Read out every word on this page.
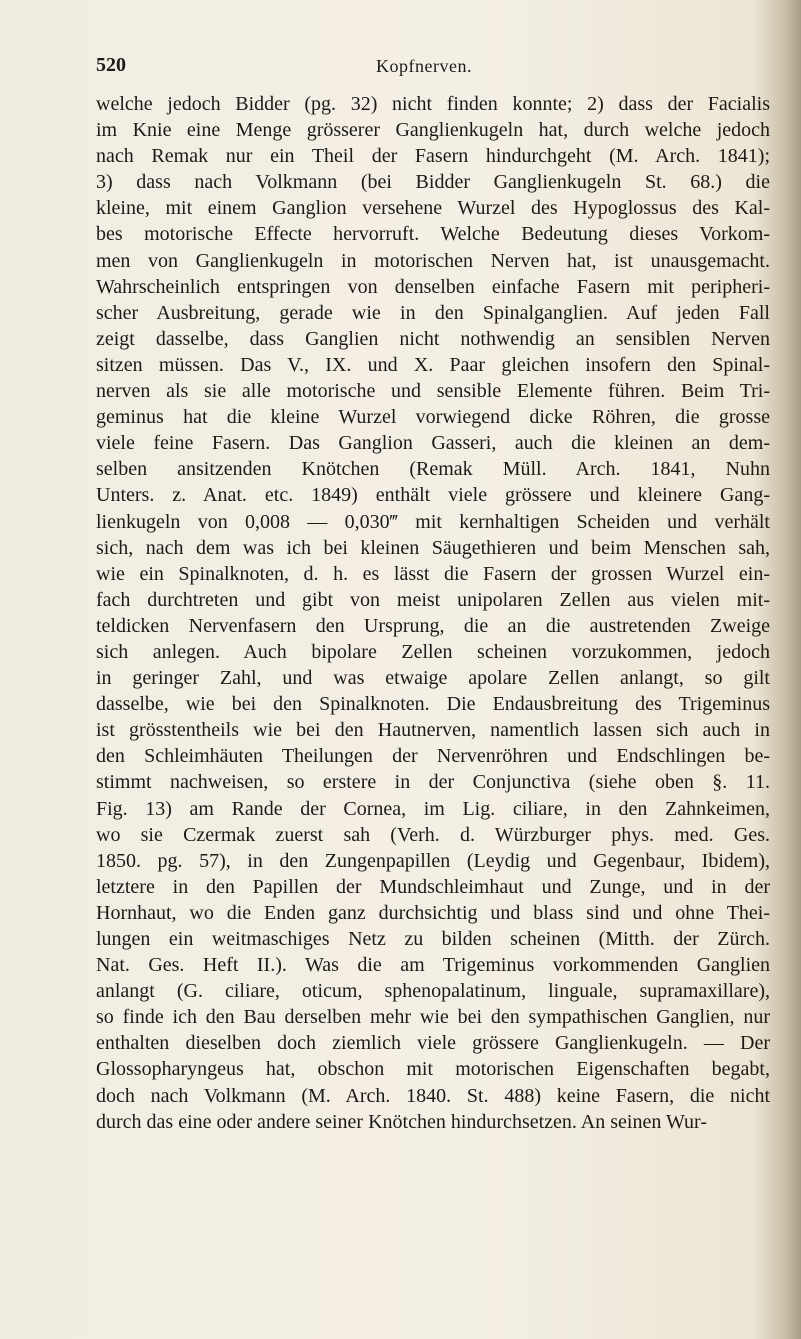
520	Kopfnerven.
welche jedoch Bidder (pg. 32) nicht finden konnte; 2) dass der Facialis
im Knie eine Menge grösserer Ganglienkugeln hat, durch welche jedoch
nach Remak nur ein Theil der Fasern hindurchgeht (M. Arch. 1841);
3) dass nach Volkmann (bei Bidder Ganglienkugeln St. 68.) die
kleine, mit einem Ganglion versehene Wurzel des Hypoglossus des Kal-
bes motorische Effecte hervorruft. Welche Bedeutung dieses Vorkom-
men von Ganglienkugeln in motorischen Nerven hat, ist unausgemacht.
Wahrscheinlich entspringen von denselben einfache Fasern mit peripheri-
scher Ausbreitung, gerade wie in den Spinalganglien. Auf jeden Fall
zeigt dasselbe, dass Ganglien nicht nothwendig an sensiblen Nerven
sitzen müssen. Das V., IX. und X. Paar gleichen insofern den Spinal-
nerven als sie alle motorische und sensible Elemente führen. Beim Tri-
geminus hat die kleine Wurzel vorwiegend dicke Röhren, die grosse
viele feine Fasern. Das Ganglion Gasseri, auch die kleinen an dem-
selben ansitzenden Knötchen (Remak Müll. Arch. 1841, Nuhn
Unters. z. Anat. etc. 1849) enthält viele grössere und kleinere Gang-
lienkugeln von 0,008 — 0,030‴ mit kernhaltigen Scheiden und verhält
sich, nach dem was ich bei kleinen Säugethieren und beim Menschen sah,
wie ein Spinalknoten, d. h. es lässt die Fasern der grossen Wurzel ein-
fach durchtreten und gibt von meist unipolaren Zellen aus vielen mit-
teldicken Nervenfasern den Ursprung, die an die austretenden Zweige
sich anlegen. Auch bipolare Zellen scheinen vorzukommen, jedoch
in geringer Zahl, und was etwaige apolare Zellen anlangt, so gilt
dasselbe, wie bei den Spinalknoten. Die Endausbreitung des Trigeminus
ist grösstentheils wie bei den Hautnerven, namentlich lassen sich auch in
den Schleimhäuten Theilungen der Nervenröhren und Endschlingen be-
stimmt nachweisen, so erstere in der Conjunctiva (siehe oben §. 11.
Fig. 13) am Rande der Cornea, im Lig. ciliare, in den Zahnkeimen,
wo sie Czermak zuerst sah (Verh. d. Würzburger phys. med. Ges.
1850. pg. 57), in den Zungenpapillen (Leydig und Gegenbaur, Ibidem),
letztere in den Papillen der Mundschleimhaut und Zunge, und in der
Hornhaut, wo die Enden ganz durchsichtig und blass sind und ohne Thei-
lungen ein weitmaschiges Netz zu bilden scheinen (Mitth. der Zürch.
Nat. Ges. Heft II.). Was die am Trigeminus vorkommenden Ganglien
anlangt (G. ciliare, oticum, sphenopalatinum, linguale, supramaxillare),
so finde ich den Bau derselben mehr wie bei den sympathischen Ganglien, nur
enthalten dieselben doch ziemlich viele grössere Ganglienkugeln. — Der
Glossopharyngeus hat, obschon mit motorischen Eigenschaften begabt,
doch nach Volkmann (M. Arch. 1840. St. 488) keine Fasern, die nicht
durch das eine oder andere seiner Knötchen hindurchsetzen. An seinen Wur-
